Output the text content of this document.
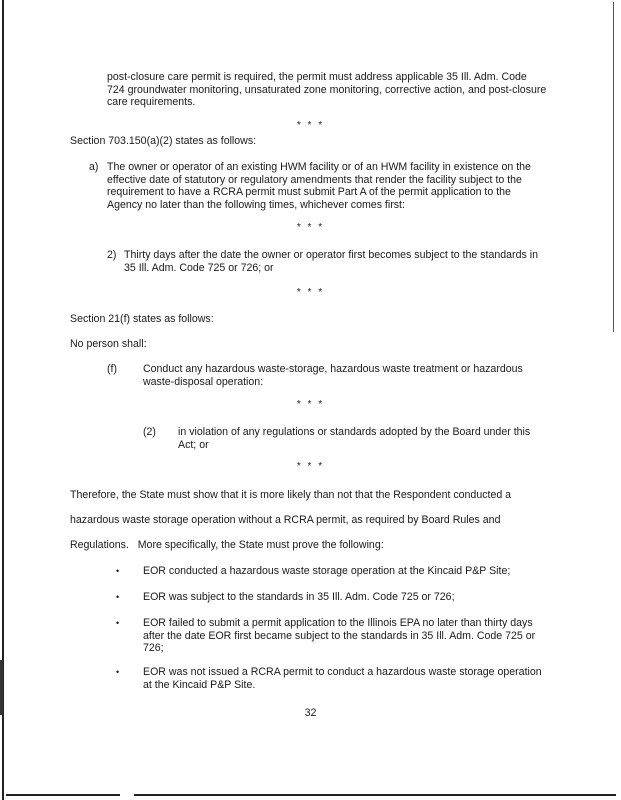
post-closure care permit is required, the permit must address applicable 35 Ill. Adm. Code 724 groundwater monitoring, unsaturated zone monitoring, corrective action, and post-closure care requirements.

* * *

Section 703.150(a)(2) states as follows:

a) The owner or operator of an existing HWM facility or of an HWM facility in existence on the effective date of statutory or regulatory amendments that render the facility subject to the requirement to have a RCRA permit must submit Part A of the permit application to the Agency no later than the following times, whichever comes first:

* * *

2) Thirty days after the date the owner or operator first becomes subject to the standards in 35 Ill. Adm. Code 725 or 726; or

* * *

Section 21(f) states as follows:

No person shall:

(f) Conduct any hazardous waste-storage, hazardous waste treatment or hazardous waste-disposal operation:

* * *

(2) in violation of any regulations or standards adopted by the Board under this Act; or

* * *

Therefore, the State must show that it is more likely than not that the Respondent conducted a

hazardous waste storage operation without a RCRA permit, as required by Board Rules and

Regulations.   More specifically, the State must prove the following:

• EOR conducted a hazardous waste storage operation at the Kincaid P&P Site;

• EOR was subject to the standards in 35 Ill. Adm. Code 725 or 726;

• EOR failed to submit a permit application to the Illinois EPA no later than thirty days after the date EOR first became subject to the standards in 35 Ill. Adm. Code 725 or 726;

• EOR was not issued a RCRA permit to conduct a hazardous waste storage operation at the Kincaid P&P Site.

32
